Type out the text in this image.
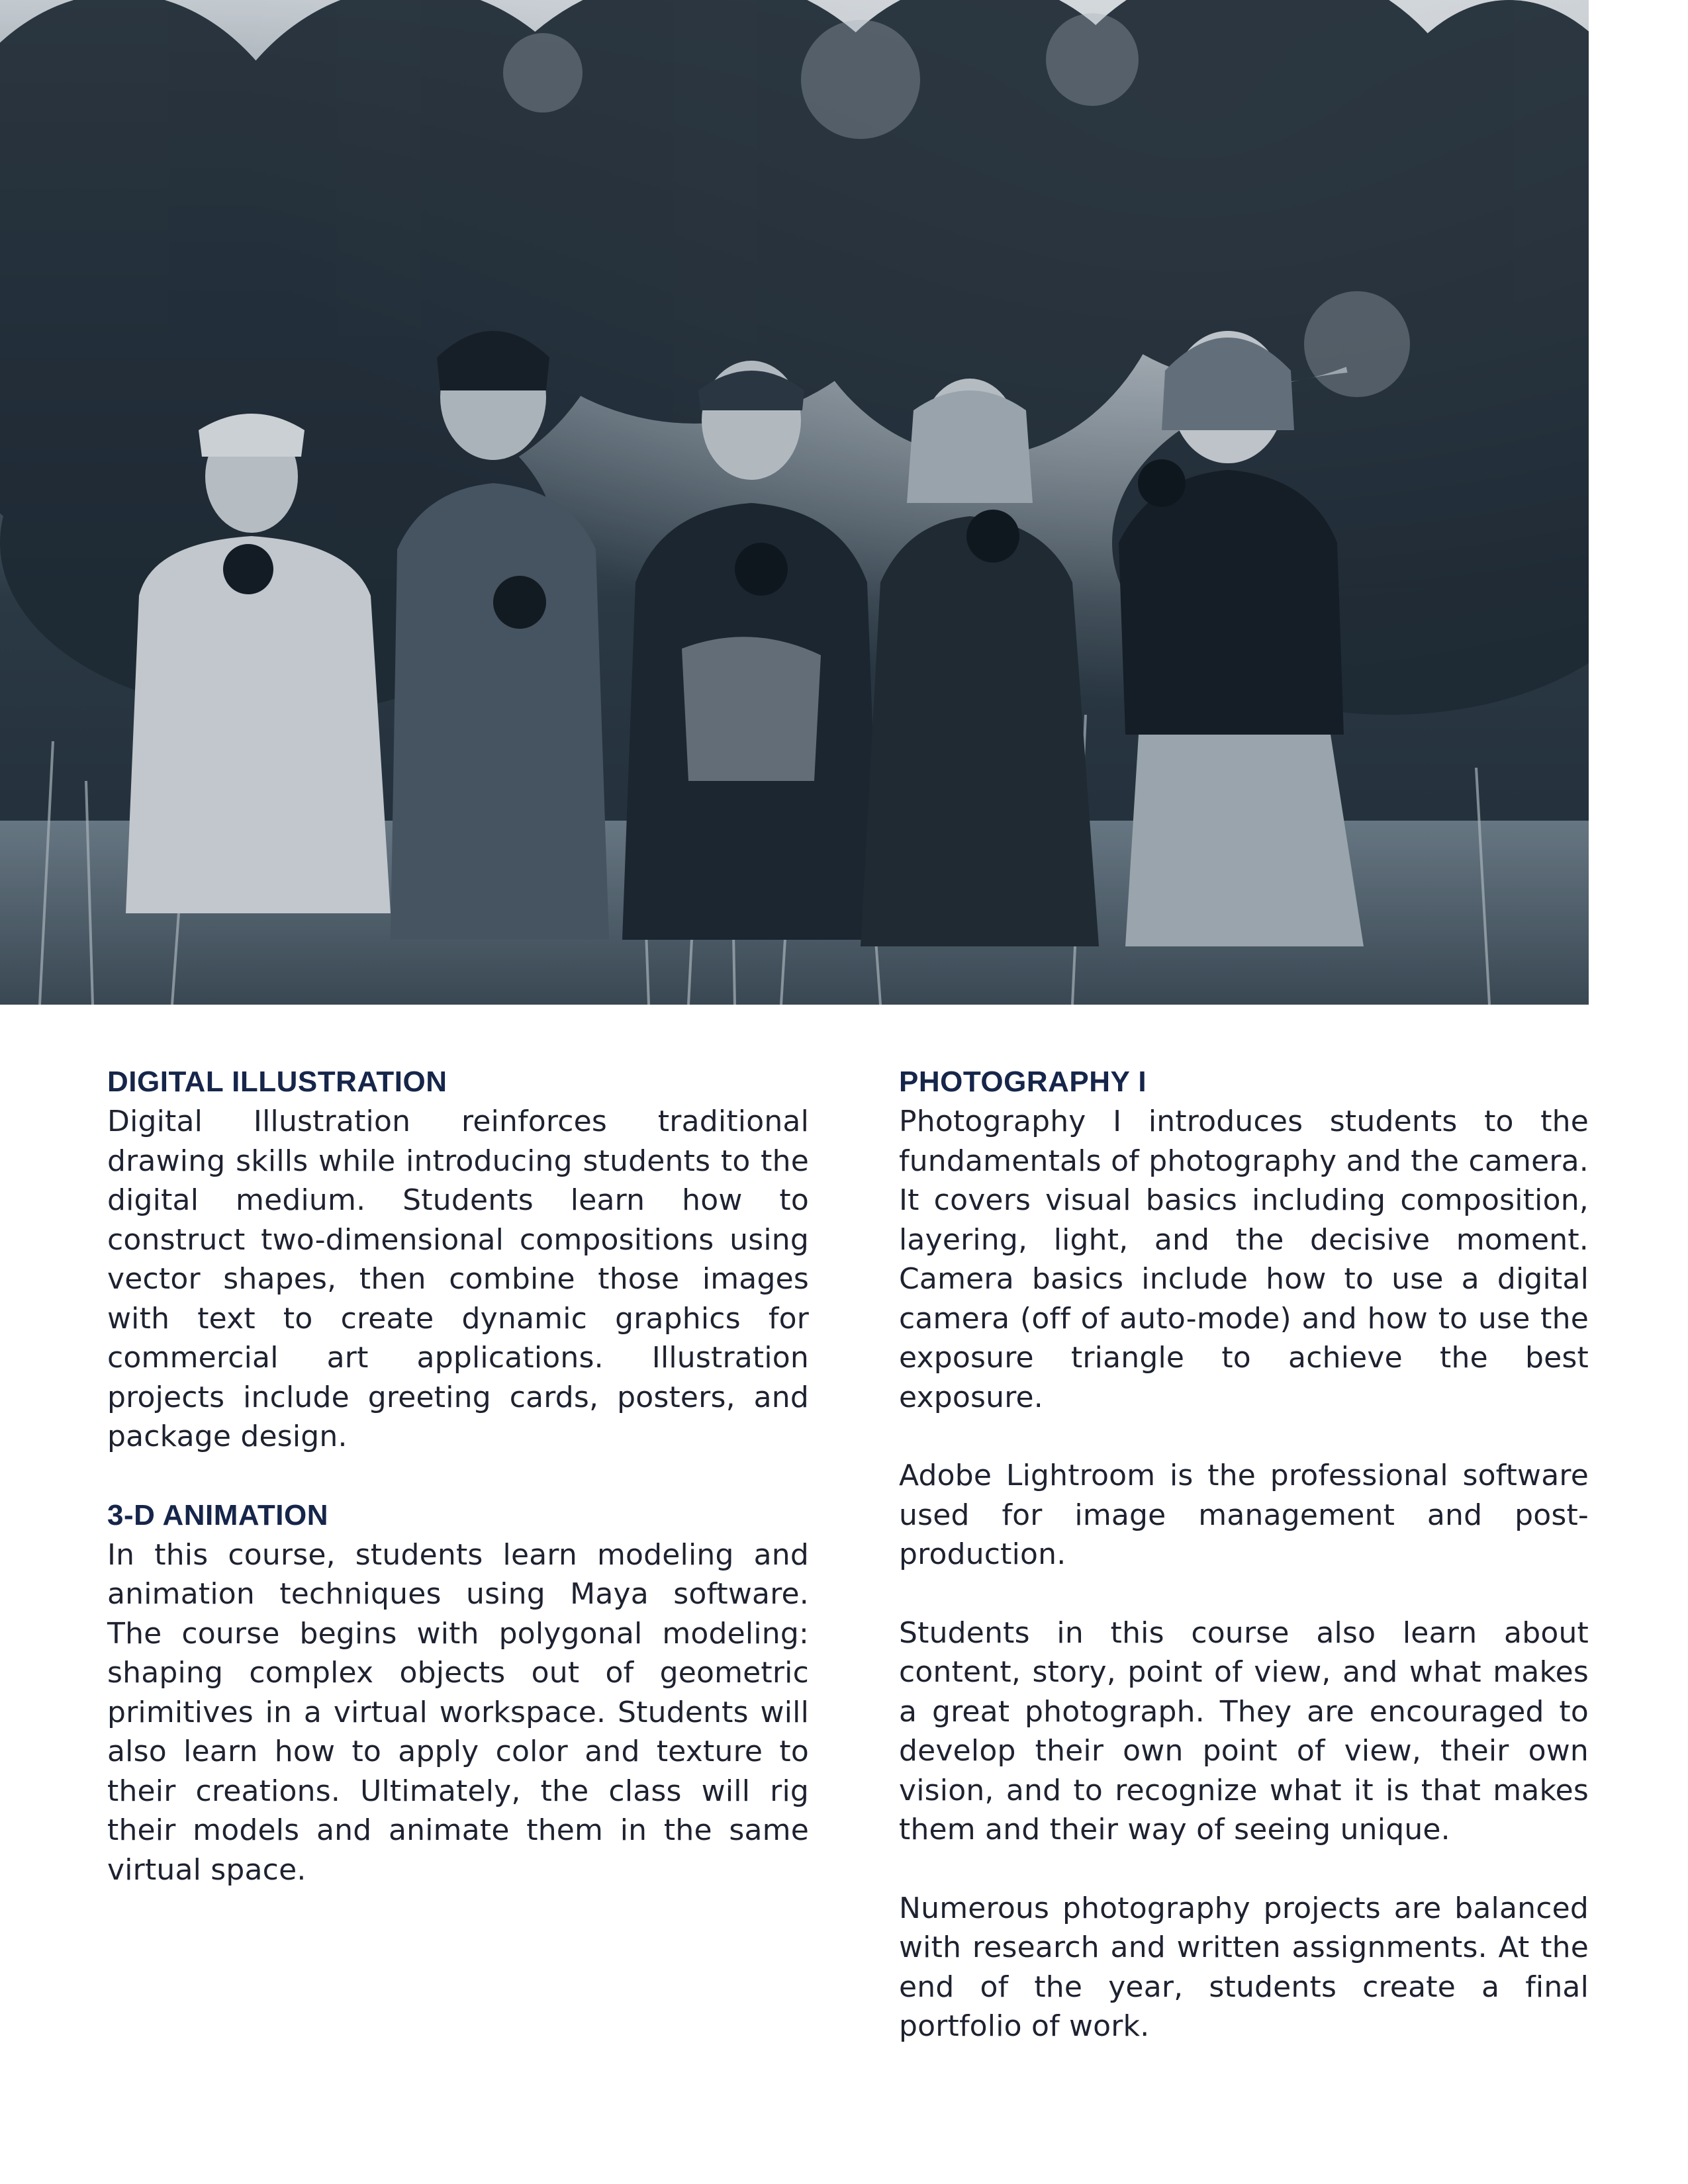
DIGITAL ILLUSTRATION

Digital Illustration reinforces traditional drawing skills while introducing students to the digital medium. Students learn how to construct two-dimensional compositions using vector shapes, then combine those images with text to create dynamic graphics for commercial art applications. Illustration projects include greeting cards, posters, and package design.

3-D ANIMATION

In this course, students learn modeling and animation techniques using Maya software. The course begins with polygonal modeling: shaping complex objects out of geometric primitives in a virtual workspace. Students will also learn how to apply color and texture to their creations. Ultimately, the class will rig their models and animate them in the same virtual space.

PHOTOGRAPHY I

Photography I introduces students to the fundamentals of photography and the camera. It covers visual basics including composition, layering, light, and the decisive moment. Camera basics include how to use a digital camera (off of auto-mode) and how to use the exposure triangle to achieve the best exposure.

Adobe Lightroom is the professional software used for image management and post-production.

Students in this course also learn about content, story, point of view, and what makes a great photograph. They are encouraged to develop their own point of view, their own vision, and to recognize what it is that makes them and their way of seeing unique.

Numerous photography projects are balanced with research and written assignments. At the end of the year, students create a final portfolio of work.
